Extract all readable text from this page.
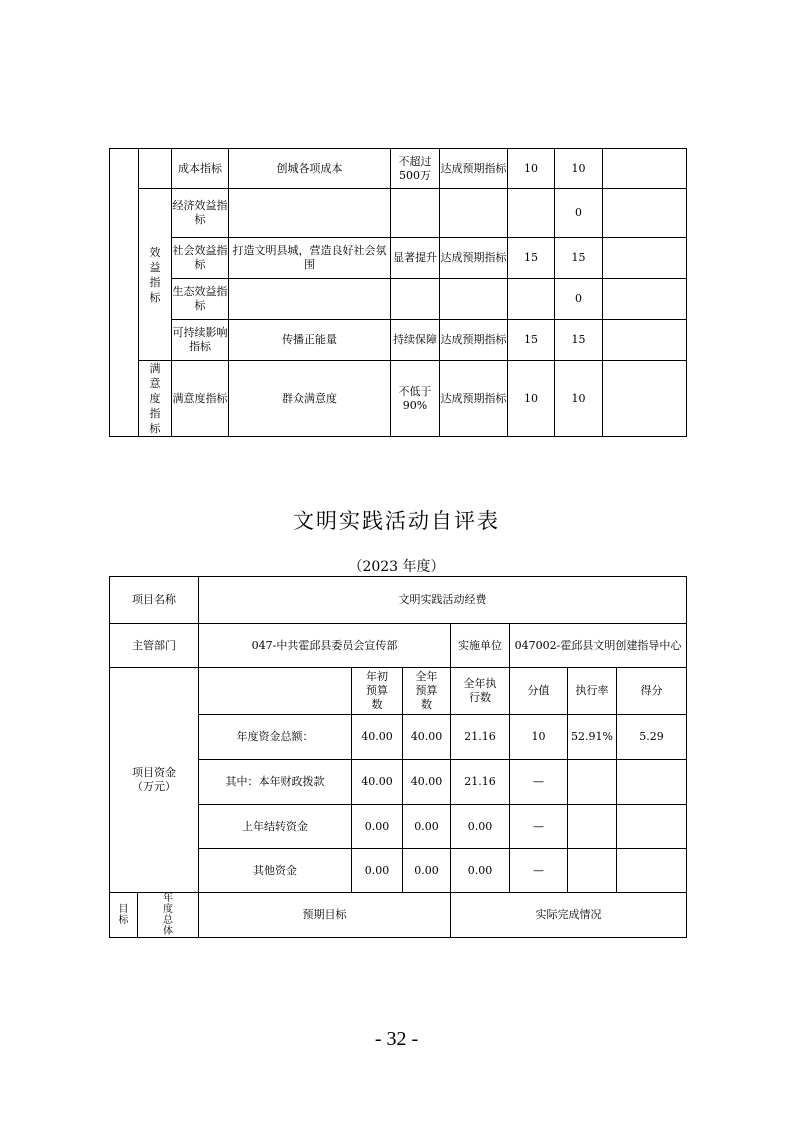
		成本指标	创城各项成本	不超过500万	达成预期指标	10	10	
	效益指标	经济效益指标					0	
		社会效益指标	打造文明县城，营造良好社会氛围	显著提升	达成预期指标	15	15	
		生态效益指标					0	
		可持续影响指标	传播正能量	持续保障	达成预期指标	15	15	
	满意度指标	满意度指标	群众满意度	不低于90%	达成预期指标	10	10	
文明实践活动自评表
（2023 年度）
项目名称		文明实践活动经费						
主管部门		047-中共霍邱县委员会宣传部			实施单位	047002-霍邱县文明创建指导中心		
项目资金（万元）			年初预算数	全年预算数	全年执行数	分值	执行率	得分
		年度资金总额：	40.00	40.00	21.16	10	52.91%	5.29
		其中：本年财政拨款	40.00	40.00	21.16	—		
		上年结转资金	0.00	0.00	0.00	—		
		其他资金	0.00	0.00	0.00	—		
目标	年度总体	预期目标			实际完成情况			
- 32 -
